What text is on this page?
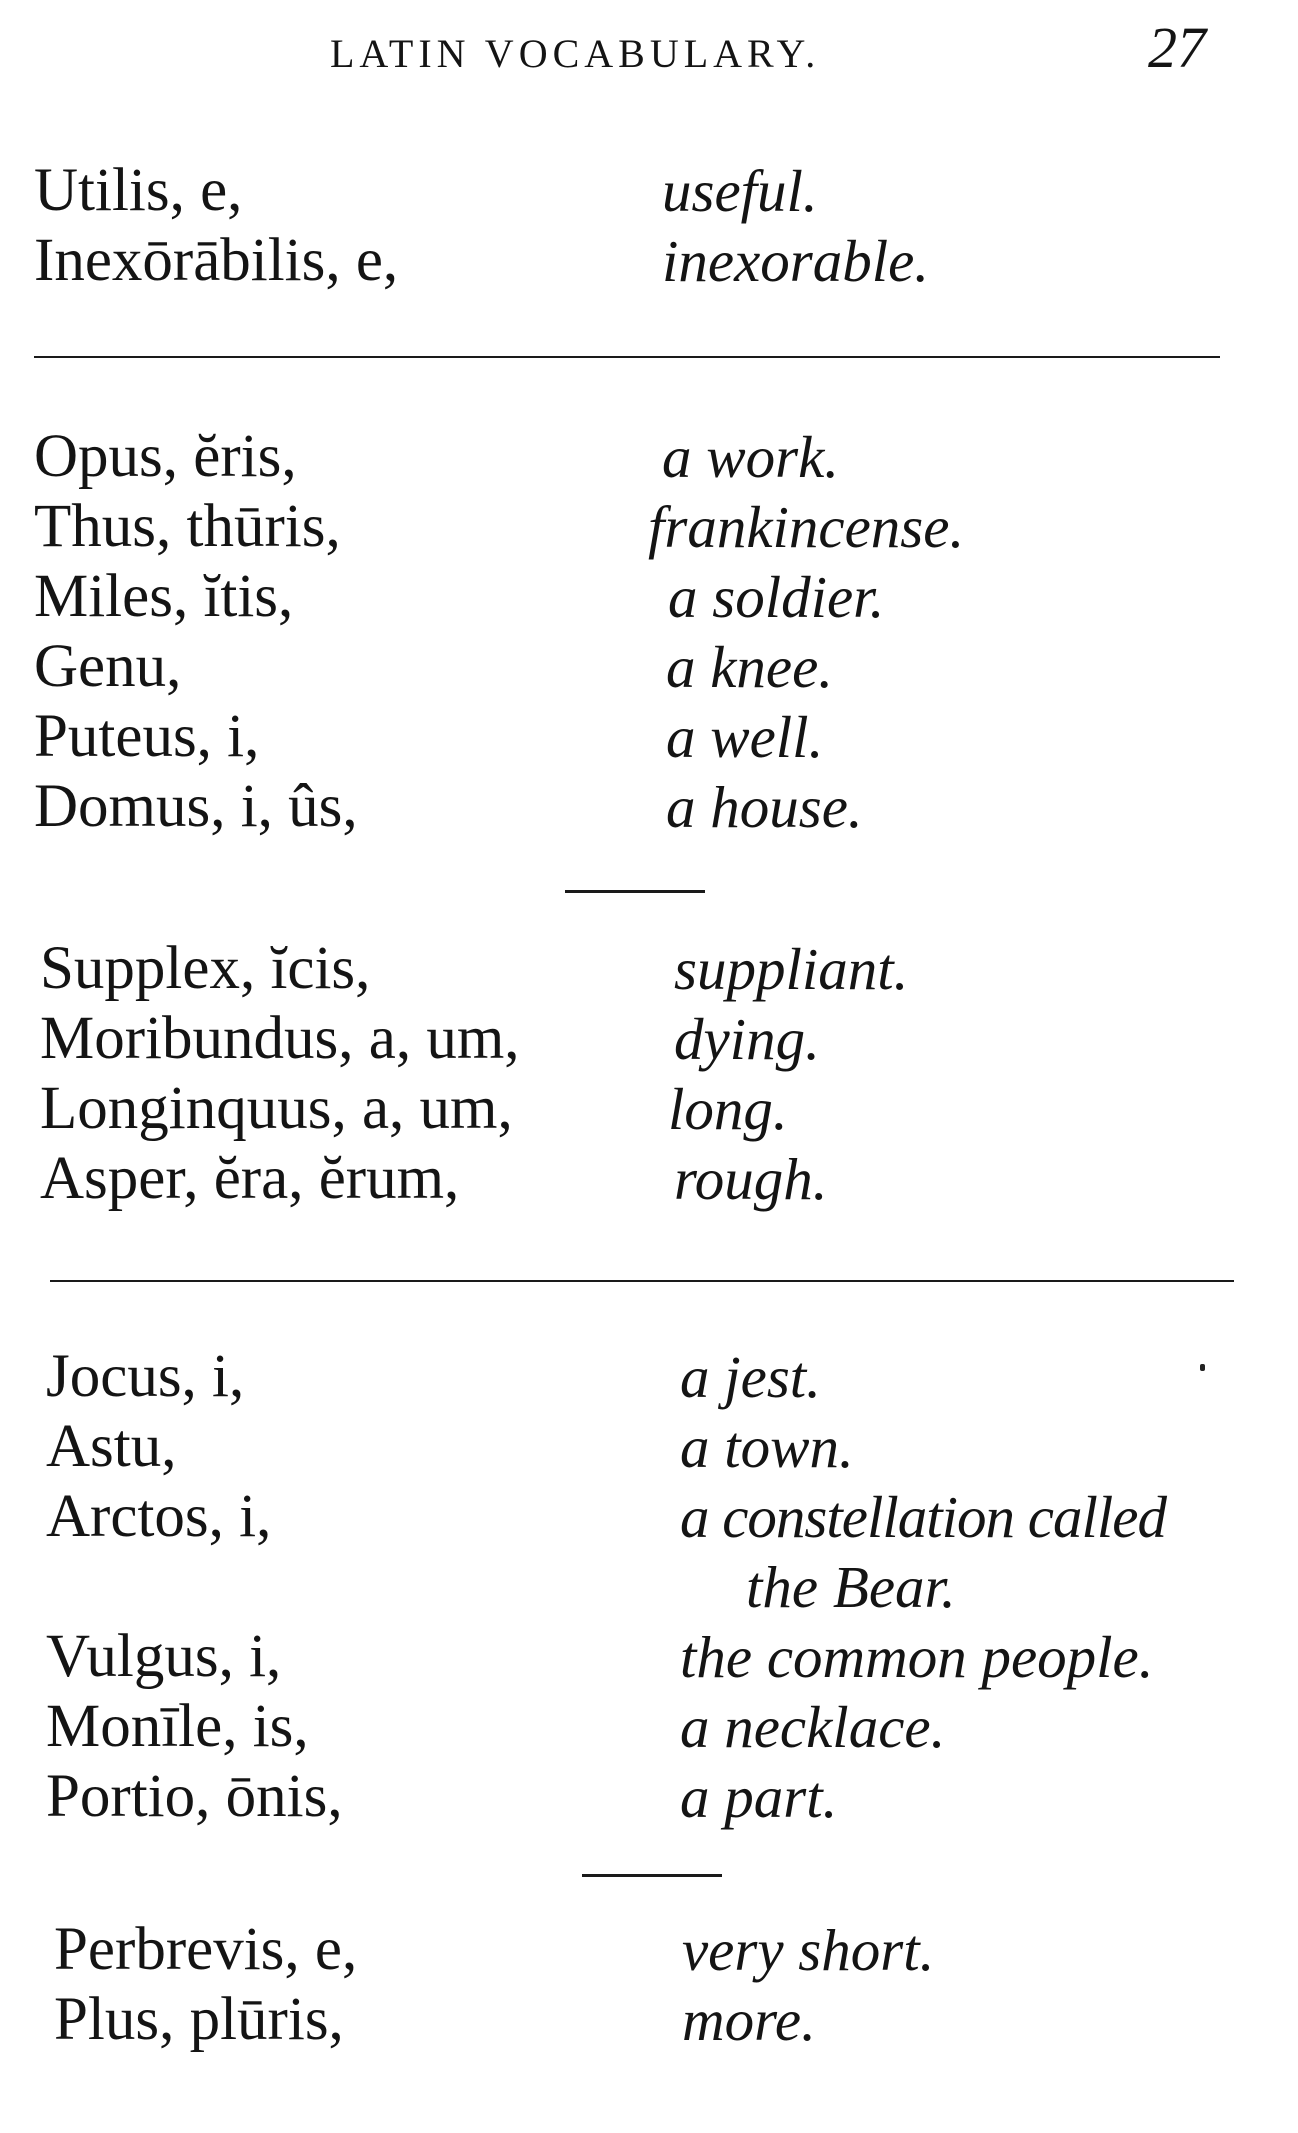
LATIN VOCABULARY.	27
Utilis, e,	useful.
Inexōrābilis, e,	inexorable.
Opus, ĕris,	a work.
Thus, thūris,	frankincense.
Miles, ĭtis,	a soldier.
Genu,	a knee.
Puteus, i,	a well.
Domus, i, ûs,	a house.
Supplex, ĭcis,	suppliant.
Moribundus, a, um,	dying.
Longinquus, a, um,	long.
Asper, ĕra, ĕrum,	rough.
Jocus, i,	a jest.
Astu,	a town.
Arctos, i,	a constellation called
the Bear.
Vulgus, i,	the common people.
Monīle, is,	a necklace.
Portio, ōnis,	a part.
Perbrevis, e,	very short.
Plus, plūris,	more.
